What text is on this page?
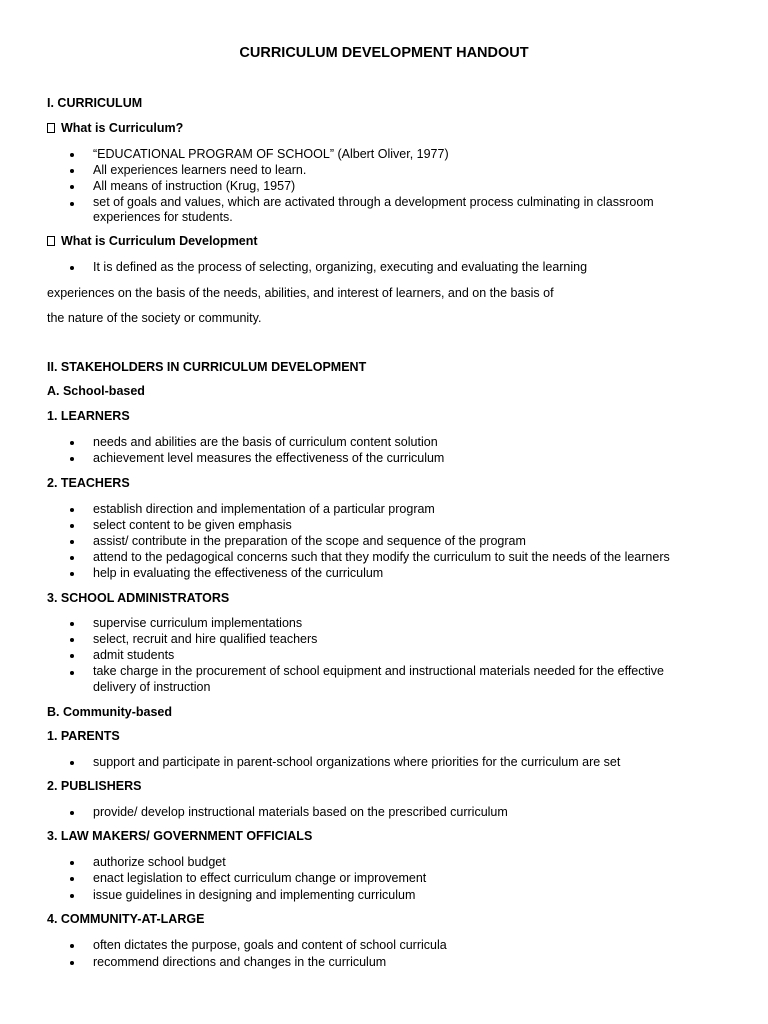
CURRICULUM DEVELOPMENT HANDOUT
I. CURRICULUM
What is Curriculum?
“EDUCATIONAL PROGRAM OF SCHOOL” (Albert Oliver, 1977)
All experiences learners need to learn.
All means of instruction (Krug, 1957)
set of goals and values, which are activated through a development process culminating in classroom
experiences for students.
What is Curriculum Development
It is defined as the process of selecting, organizing, executing and evaluating the learning
experiences on the basis of the needs, abilities, and interest of learners, and on the basis of
the nature of the society or community.
II. STAKEHOLDERS IN CURRICULUM DEVELOPMENT
A. School-based
1. LEARNERS
needs and abilities are the basis of curriculum content solution
achievement level measures the effectiveness of the curriculum
2. TEACHERS
establish direction and implementation of a particular program
select content to be given emphasis
assist/ contribute in the preparation of the scope and sequence of the program
attend to the pedagogical concerns such that they modify the curriculum to suit the needs of the learners
help in evaluating the effectiveness of the curriculum
3. SCHOOL ADMINISTRATORS
supervise curriculum implementations
select, recruit and hire qualified teachers
admit students
take charge in the procurement of school equipment and instructional materials needed for the effective
delivery of instruction
B. Community-based
1. PARENTS
support and participate in parent-school organizations where priorities for the curriculum are set
2. PUBLISHERS
provide/ develop instructional materials based on the prescribed curriculum
3. LAW MAKERS/ GOVERNMENT OFFICIALS
authorize school budget
enact legislation to effect curriculum change or improvement
issue guidelines in designing and implementing curriculum
4. COMMUNITY-AT-LARGE
often dictates the purpose, goals and content of school curricula
recommend directions and changes in the curriculum
